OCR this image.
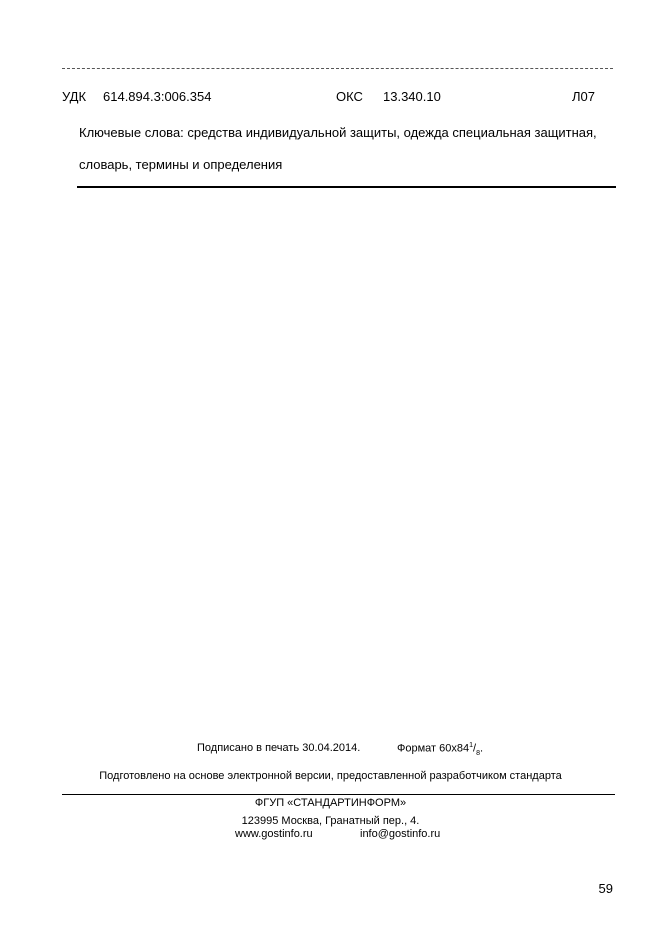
УДК 614.894.3:006.354	ОКС 13.340.10	Л07
Ключевые слова: средства индивидуальной защиты, одежда специальная защитная,
словарь, термины и определения
Подписано в печать 30.04.2014.	Формат $60x84^1/_8$.
Подготовлено на основе электронной версии, предоставленной разработчиком стандарта
ФГУП «СТАНДАРТИНФОРМ»
123995 Москва, Гранатный пер., 4.
www.gostinfo.ru	info@gostinfo.ru
59
